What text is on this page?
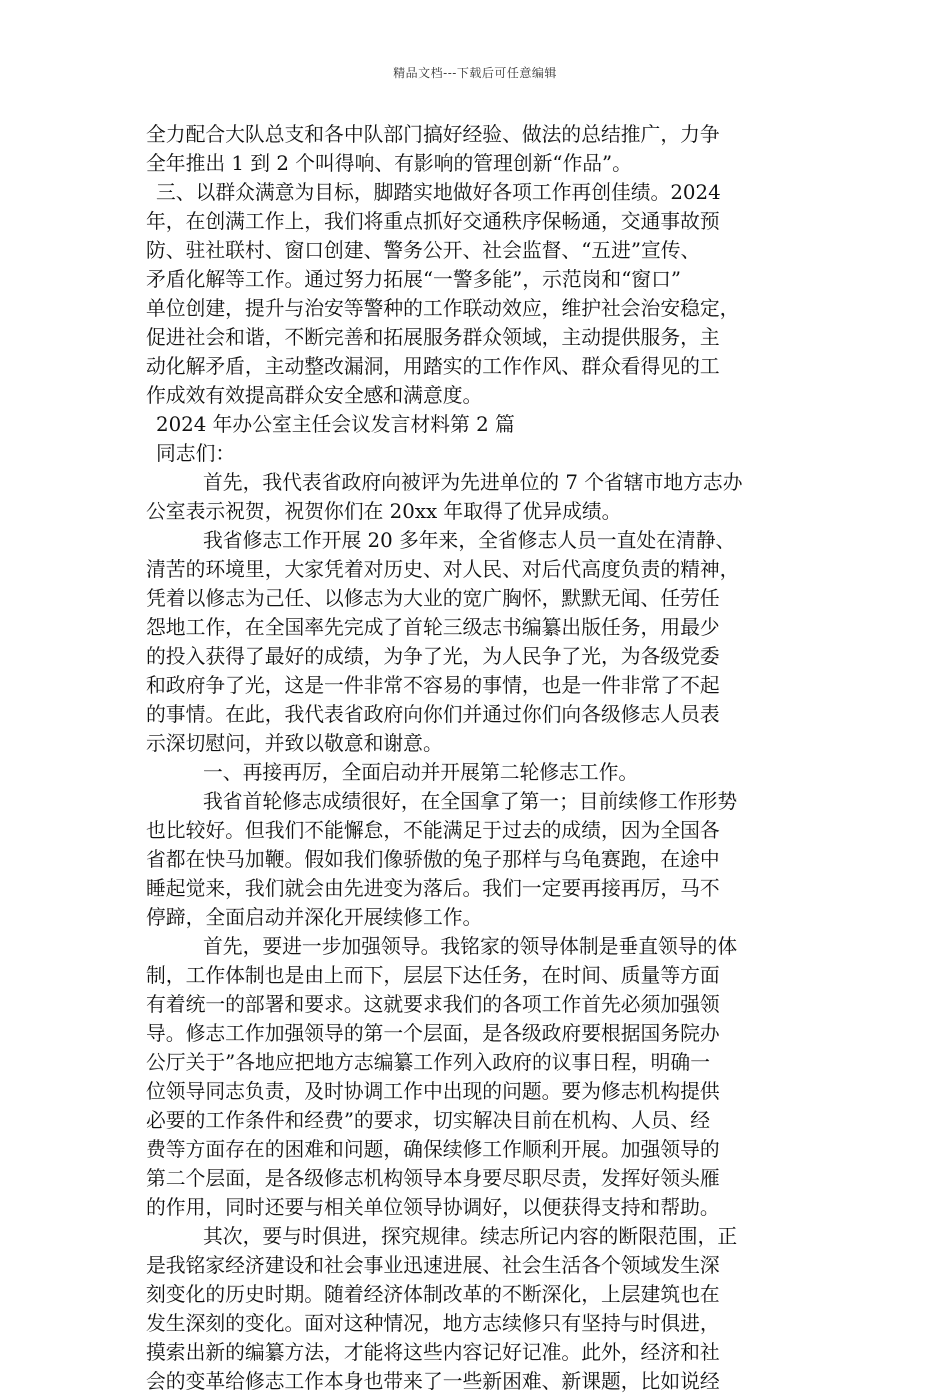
精品文档---下载后可任意编辑
全力配合大队总支和各中队部门搞好经验、做法的总结推广，力争
全年推出 1 到 2 个叫得响、有影响的管理创新“作品”。
三、以群众满意为目标，脚踏实地做好各项工作再创佳绩。2024
年，在创满工作上，我们将重点抓好交通秩序保畅通，交通事故预
防、驻社联村、窗口创建、警务公开、社会监督、“五进”宣传、
矛盾化解等工作。通过努力拓展“一警多能”，示范岗和“窗口”
单位创建，提升与治安等警种的工作联动效应，维护社会治安稳定，
促进社会和谐，不断完善和拓展服务群众领域，主动提供服务，主
动化解矛盾，主动整改漏洞，用踏实的工作作风、群众看得见的工
作成效有效提高群众安全感和满意度。
2024 年办公室主任会议发言材料第 2 篇
同志们：
首先，我代表省政府向被评为先进单位的 7 个省辖市地方志办
公室表示祝贺，祝贺你们在 20xx 年取得了优异成绩。
我省修志工作开展 20 多年来，全省修志人员一直处在清静、
清苦的环境里，大家凭着对历史、对人民、对后代高度负责的精神，
凭着以修志为己任、以修志为大业的宽广胸怀，默默无闻、任劳任
怨地工作，在全国率先完成了首轮三级志书编纂出版任务，用最少
的投入获得了最好的成绩，为争了光，为人民争了光，为各级党委
和政府争了光，这是一件非常不容易的事情，也是一件非常了不起
的事情。在此，我代表省政府向你们并通过你们向各级修志人员表
示深切慰问，并致以敬意和谢意。
一、再接再厉，全面启动并开展第二轮修志工作。
我省首轮修志成绩很好，在全国拿了第一；目前续修工作形势
也比较好。但我们不能懈怠，不能满足于过去的成绩，因为全国各
省都在快马加鞭。假如我们像骄傲的兔子那样与乌龟赛跑，在途中
睡起觉来，我们就会由先进变为落后。我们一定要再接再厉，马不
停蹄，全面启动并深化开展续修工作。
首先，要进一步加强领导。我铭家的领导体制是垂直领导的体
制，工作体制也是由上而下，层层下达任务，在时间、质量等方面
有着统一的部署和要求。这就要求我们的各项工作首先必须加强领
导。修志工作加强领导的第一个层面，是各级政府要根据国务院办
公厅关于”各地应把地方志编纂工作列入政府的议事日程，明确一
位领导同志负责，及时协调工作中出现的问题。要为修志机构提供
必要的工作条件和经费”的要求，切实解决目前在机构、人员、经
费等方面存在的困难和问题，确保续修工作顺利开展。加强领导的
第二个层面，是各级修志机构领导本身要尽职尽责，发挥好领头雁
的作用，同时还要与相关单位领导协调好，以便获得支持和帮助。
其次，要与时俱进，探究规律。续志所记内容的断限范围，正
是我铭家经济建设和社会事业迅速进展、社会生活各个领域发生深
刻变化的历史时期。随着经济体制改革的不断深化，上层建筑也在
发生深刻的变化。面对这种情况，地方志续修只有坚持与时俱进，
摸索出新的编纂方法，才能将这些内容记好记准。此外，经济和社
会的变革给修志工作本身也带来了一些新困难、新课题，比如说经
